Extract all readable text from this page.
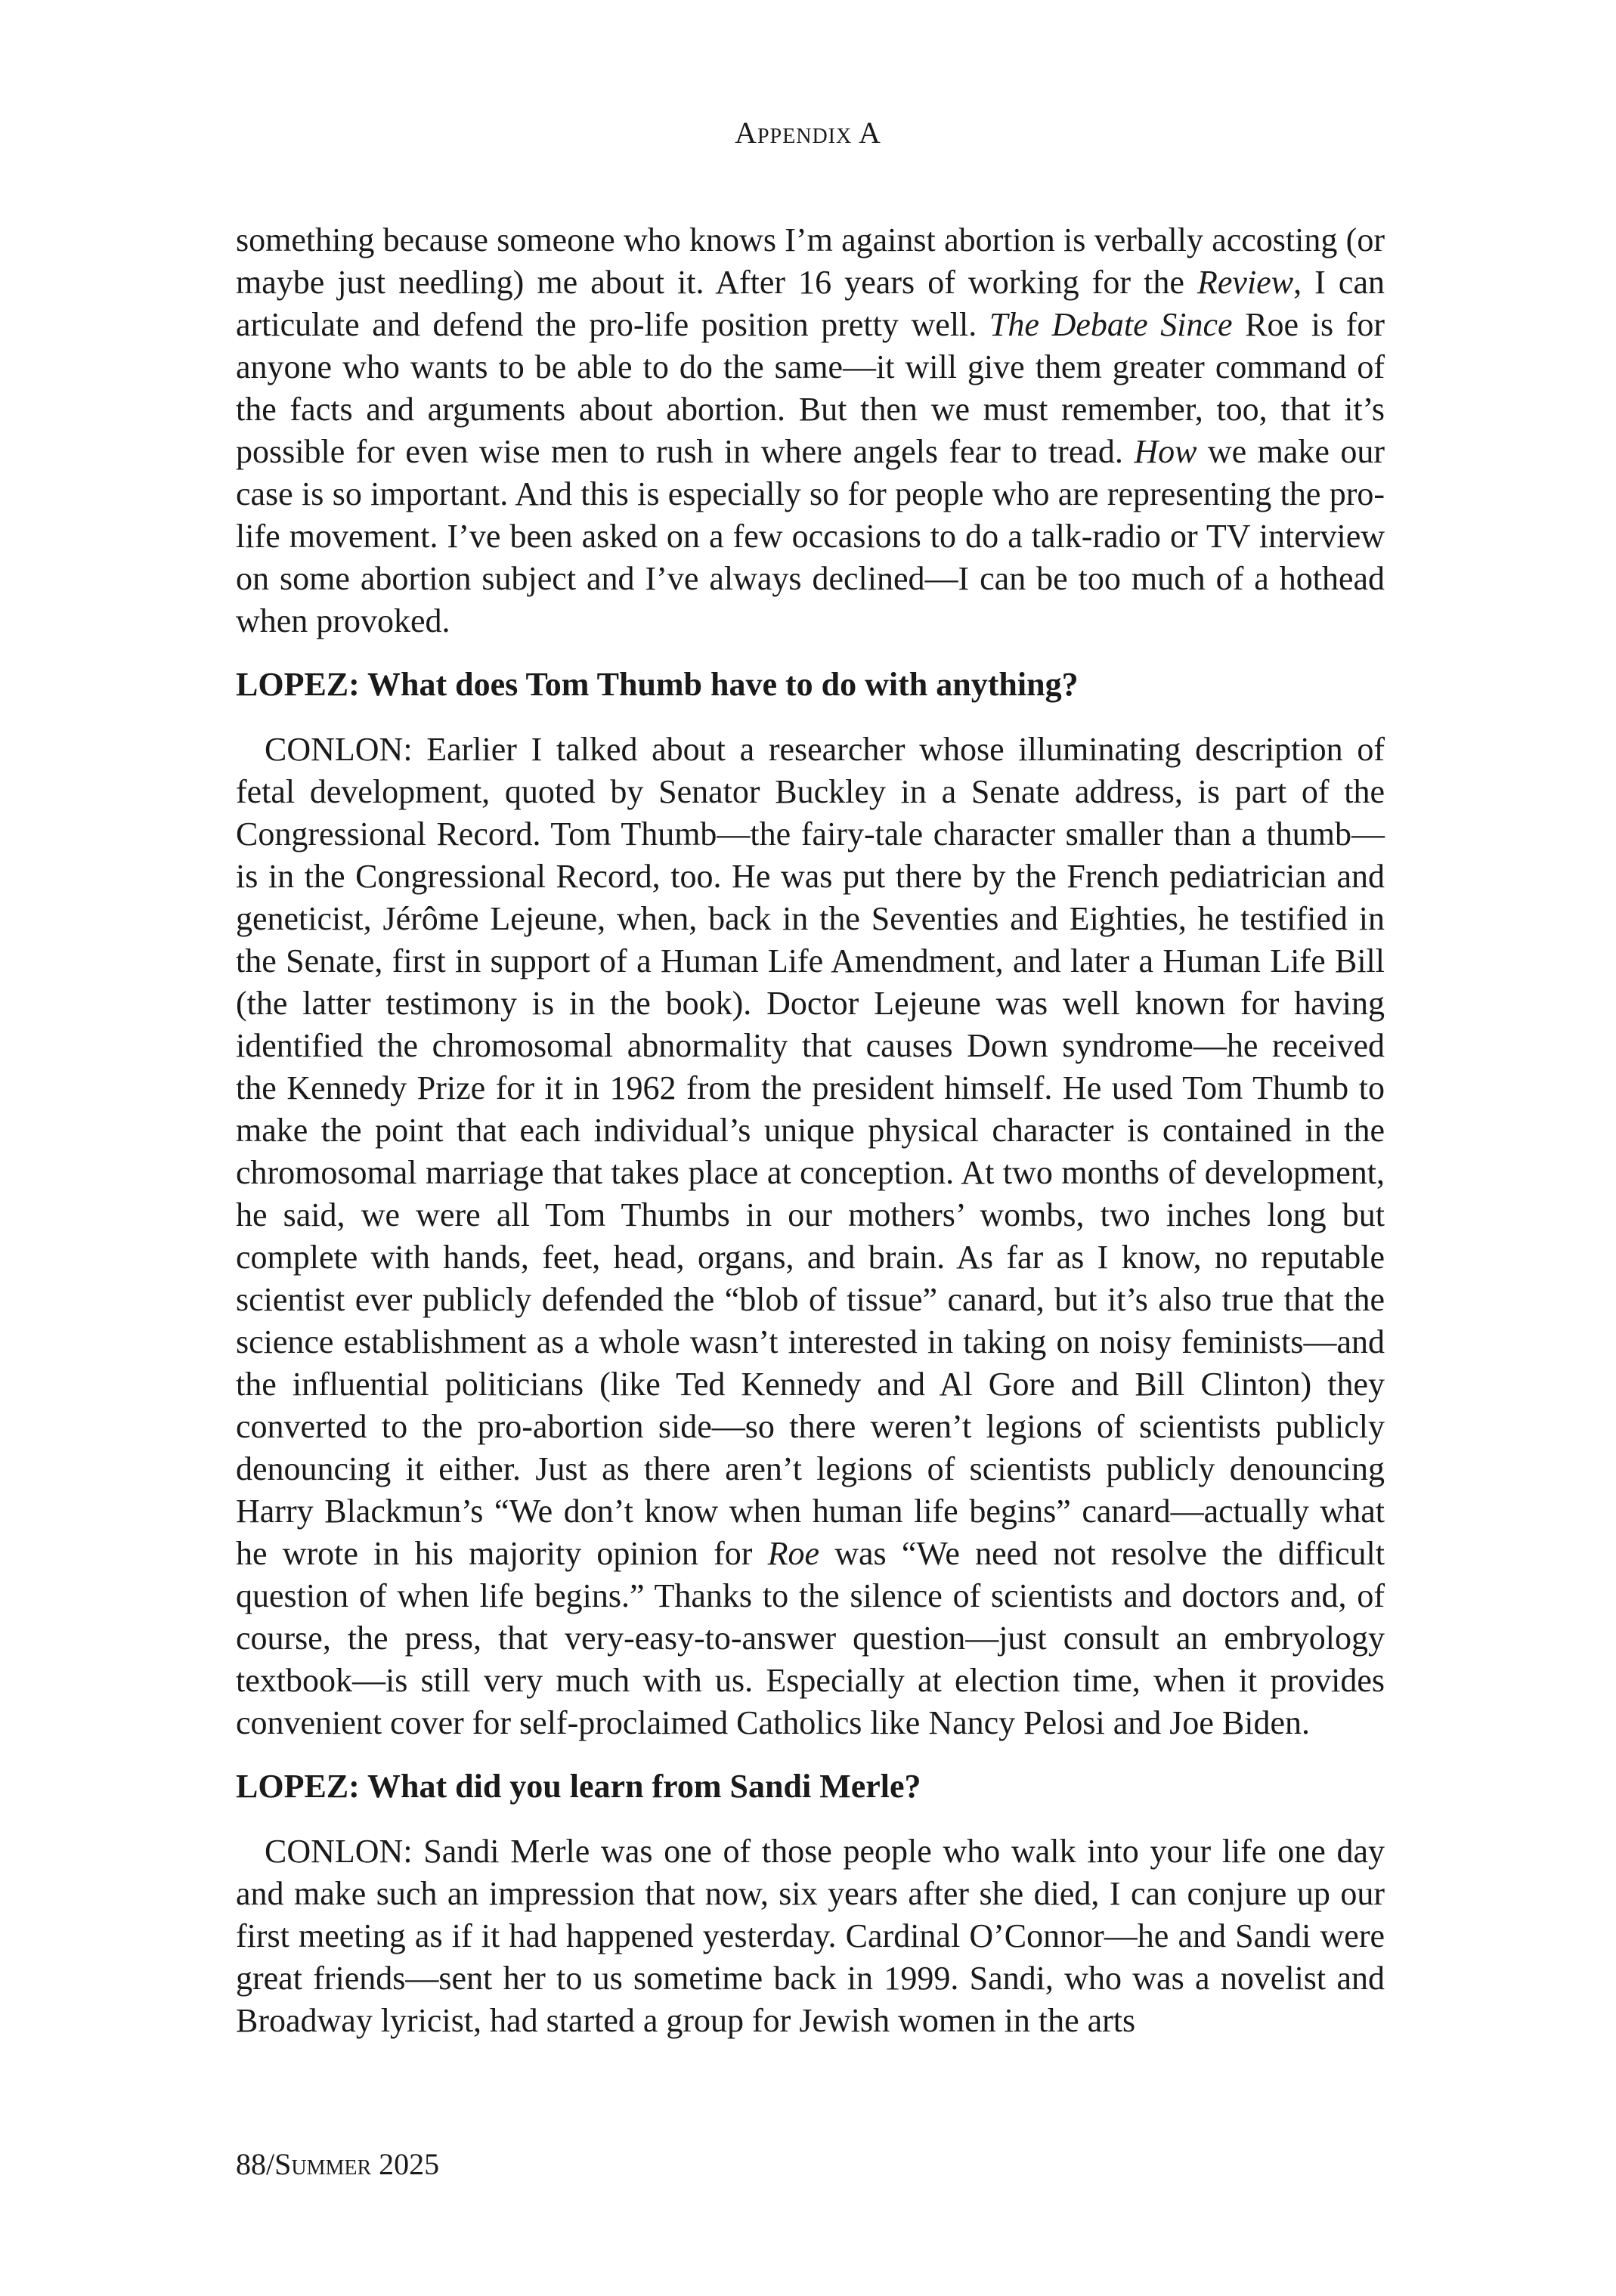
Appendix A

something because someone who knows I’m against abortion is verbally accosting (or maybe just needling) me about it. After 16 years of working for the Review, I can articulate and defend the pro-life position pretty well. The Debate Since Roe is for anyone who wants to be able to do the same—it will give them greater command of the facts and arguments about abortion. But then we must remember, too, that it’s possible for even wise men to rush in where angels fear to tread. How we make our case is so important. And this is especially so for people who are representing the pro-life movement. I’ve been asked on a few occasions to do a talk-radio or TV interview on some abortion subject and I’ve always declined—I can be too much of a hothead when provoked.

LOPEZ: What does Tom Thumb have to do with anything?

CONLON: Earlier I talked about a researcher whose illuminating description of fetal development, quoted by Senator Buckley in a Senate address, is part of the Congressional Record. Tom Thumb—the fairy-tale character smaller than a thumb—is in the Congressional Record, too. He was put there by the French pediatrician and geneticist, Jérôme Lejeune, when, back in the Seventies and Eighties, he testified in the Senate, first in support of a Human Life Amendment, and later a Human Life Bill (the latter testimony is in the book). Doctor Lejeune was well known for having identified the chromosomal abnormality that causes Down syndrome—he received the Kennedy Prize for it in 1962 from the president himself. He used Tom Thumb to make the point that each individual’s unique physical character is contained in the chromosomal marriage that takes place at conception. At two months of development, he said, we were all Tom Thumbs in our mothers’ wombs, two inches long but complete with hands, feet, head, organs, and brain. As far as I know, no reputable scientist ever publicly defended the “blob of tissue” canard, but it’s also true that the science establishment as a whole wasn’t interested in taking on noisy feminists—and the influential politicians (like Ted Kennedy and Al Gore and Bill Clinton) they converted to the pro-abortion side—so there weren’t legions of scientists publicly denouncing it either. Just as there aren’t legions of scientists publicly denouncing Harry Blackmun’s “We don’t know when human life begins” canard—actually what he wrote in his majority opinion for Roe was “We need not resolve the difficult question of when life begins.” Thanks to the silence of scientists and doctors and, of course, the press, that very-easy-to-answer question—just consult an embryology textbook—is still very much with us. Especially at election time, when it provides convenient cover for self-proclaimed Catholics like Nancy Pelosi and Joe Biden.

LOPEZ: What did you learn from Sandi Merle?

CONLON: Sandi Merle was one of those people who walk into your life one day and make such an impression that now, six years after she died, I can conjure up our first meeting as if it had happened yesterday. Cardinal O’Connor—he and Sandi were great friends—sent her to us sometime back in 1999. Sandi, who was a novelist and Broadway lyricist, had started a group for Jewish women in the arts

88/Summer 2025
